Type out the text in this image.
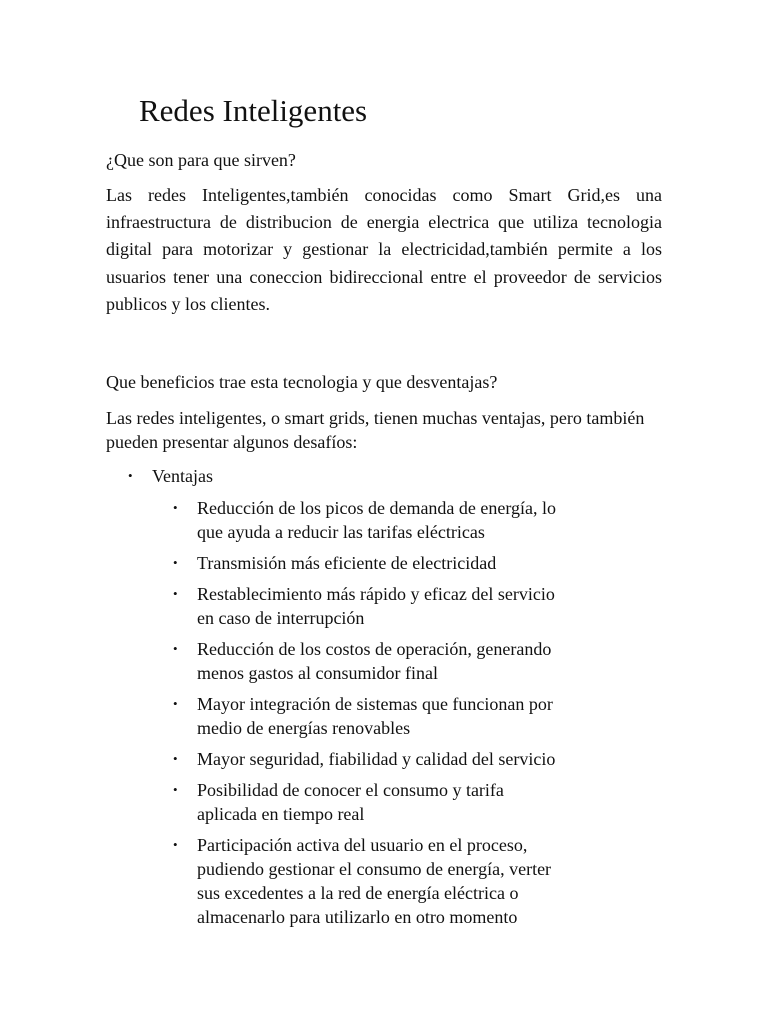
Redes Inteligentes

¿Que son para que sirven?

Las redes Inteligentes,también conocidas como Smart Grid,es una infraestructura de distribucion de energia electrica que utiliza tecnologia digital para motorizar y gestionar la electricidad,también permite a los usuarios tener una coneccion bidireccional entre el proveedor de servicios publicos y los clientes.

Que beneficios trae esta tecnologia y que desventajas?

Las redes inteligentes, o smart grids, tienen muchas ventajas, pero también pueden presentar algunos desafíos:

•	Ventajas
• Reducción de los picos de demanda de energía, lo que ayuda a reducir las tarifas eléctricas
• Transmisión más eficiente de electricidad
• Restablecimiento más rápido y eficaz del servicio en caso de interrupción
• Reducción de los costos de operación, generando menos gastos al consumidor final
• Mayor integración de sistemas que funcionan por medio de energías renovables
• Mayor seguridad, fiabilidad y calidad del servicio
• Posibilidad de conocer el consumo y tarifa aplicada en tiempo real
• Participación activa del usuario en el proceso, pudiendo gestionar el consumo de energía, verter sus excedentes a la red de energía eléctrica o almacenarlo para utilizarlo en otro momento
